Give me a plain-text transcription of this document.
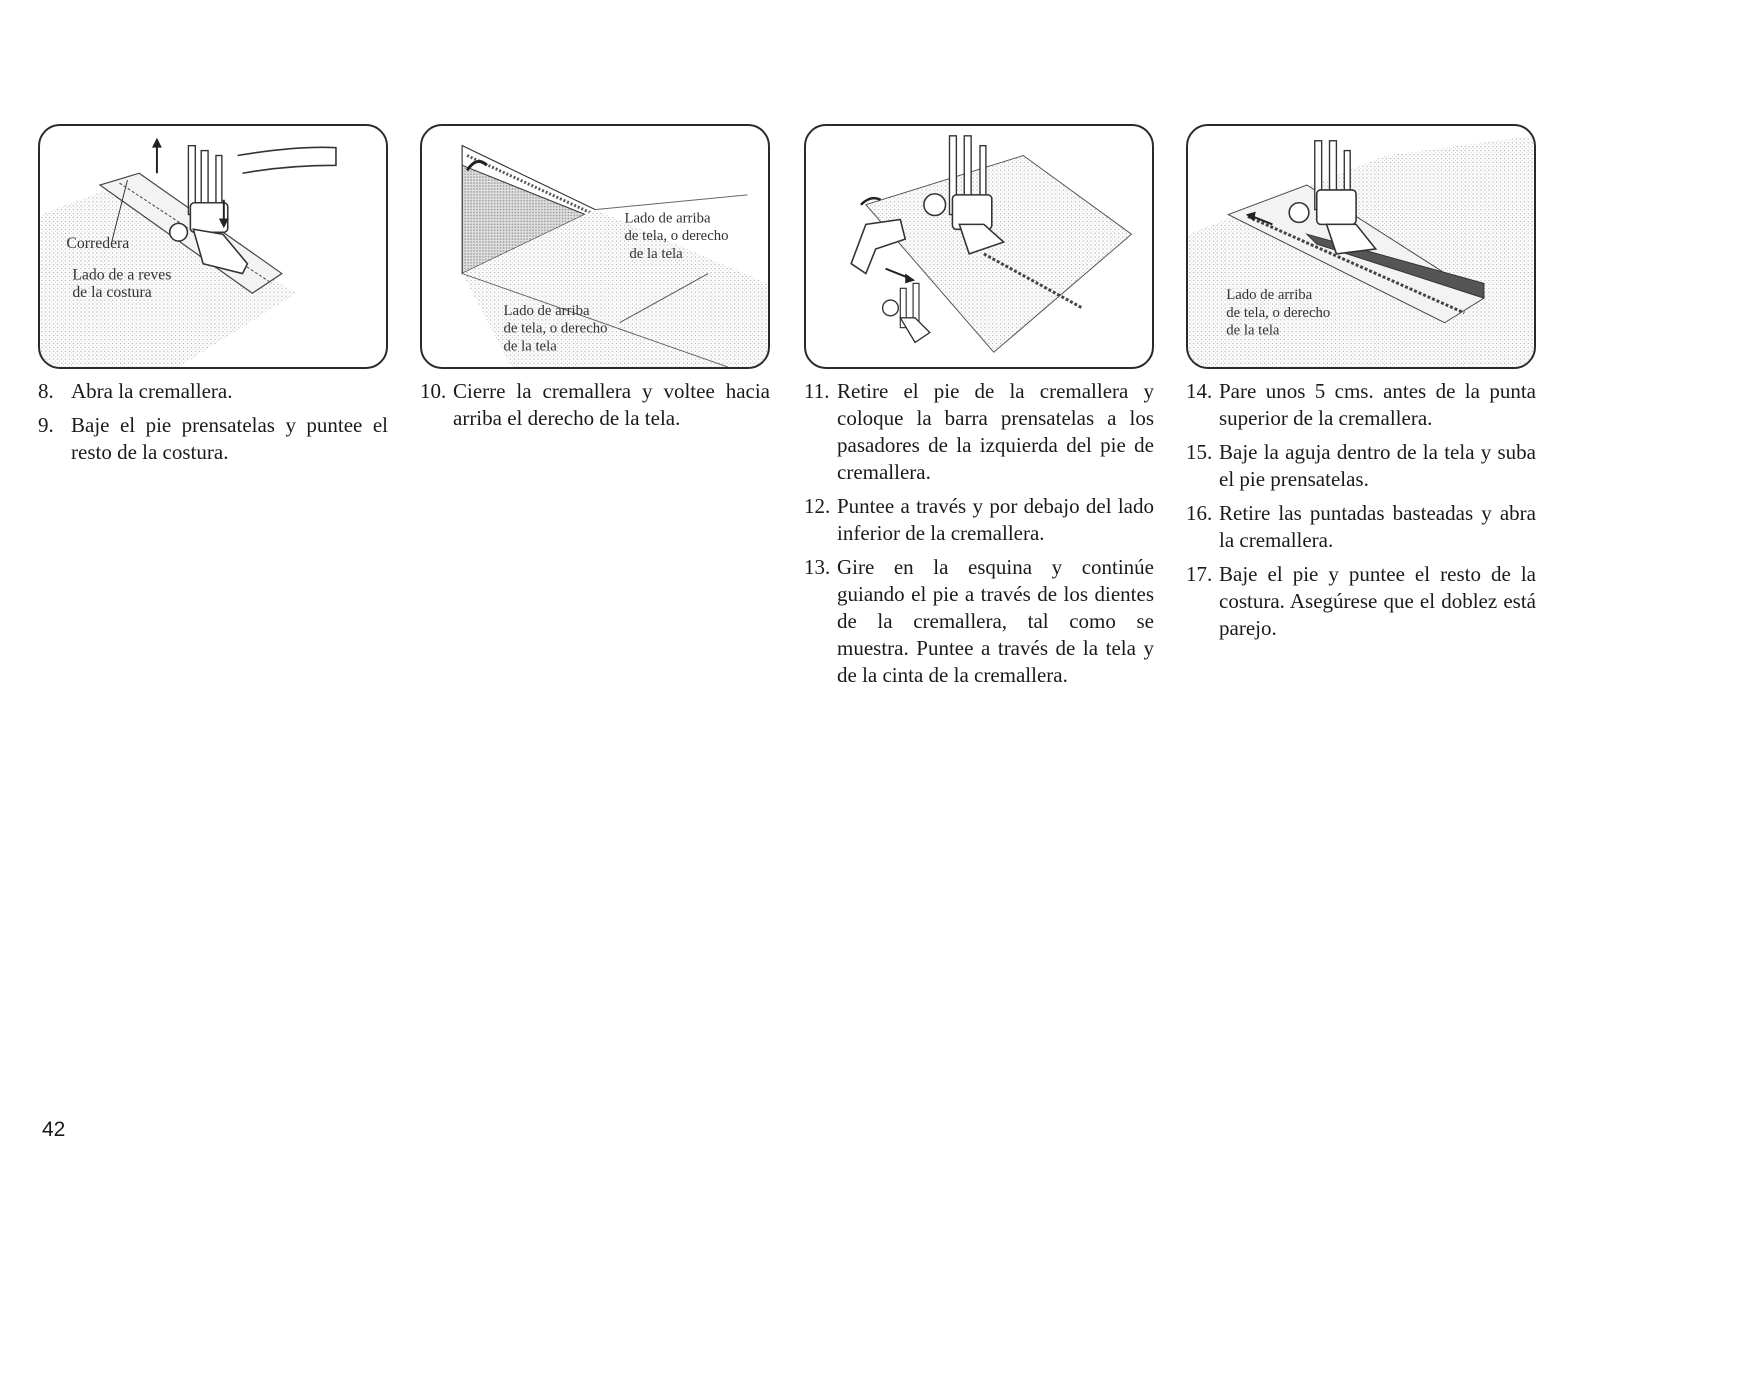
Corredera
Lado de a reves
de la costura
Lado de arriba
de tela, o derecho
de la tela
Lado de arriba
de tela, o derecho
de la tela
Lado de arriba
de tela, o derecho
de la tela
8. Abra la cremallera.
9. Baje el pie prensatelas y puntee el resto de la costura.
10. Cierre la cremallera y voltee hacia arriba el derecho de la tela.
11. Retire el pie de la cremallera y coloque la barra prensatelas a los pasadores de la izquierda del pie de cremallera.
12. Puntee a través y por debajo del lado inferior de la cremallera.
13. Gire en la esquina y continúe guiando el pie a través de los dientes de la cremallera, tal como se muestra. Puntee a través de la tela y de la cinta de la cremallera.
14. Pare unos 5 cms. antes de la punta superior de la cremallera.
15. Baje la aguja dentro de la tela y suba el pie prensatelas.
16. Retire las puntadas basteadas y abra la cremallera.
17. Baje el pie y puntee el resto de la costura. Asegúrese que el doblez está parejo.
42
